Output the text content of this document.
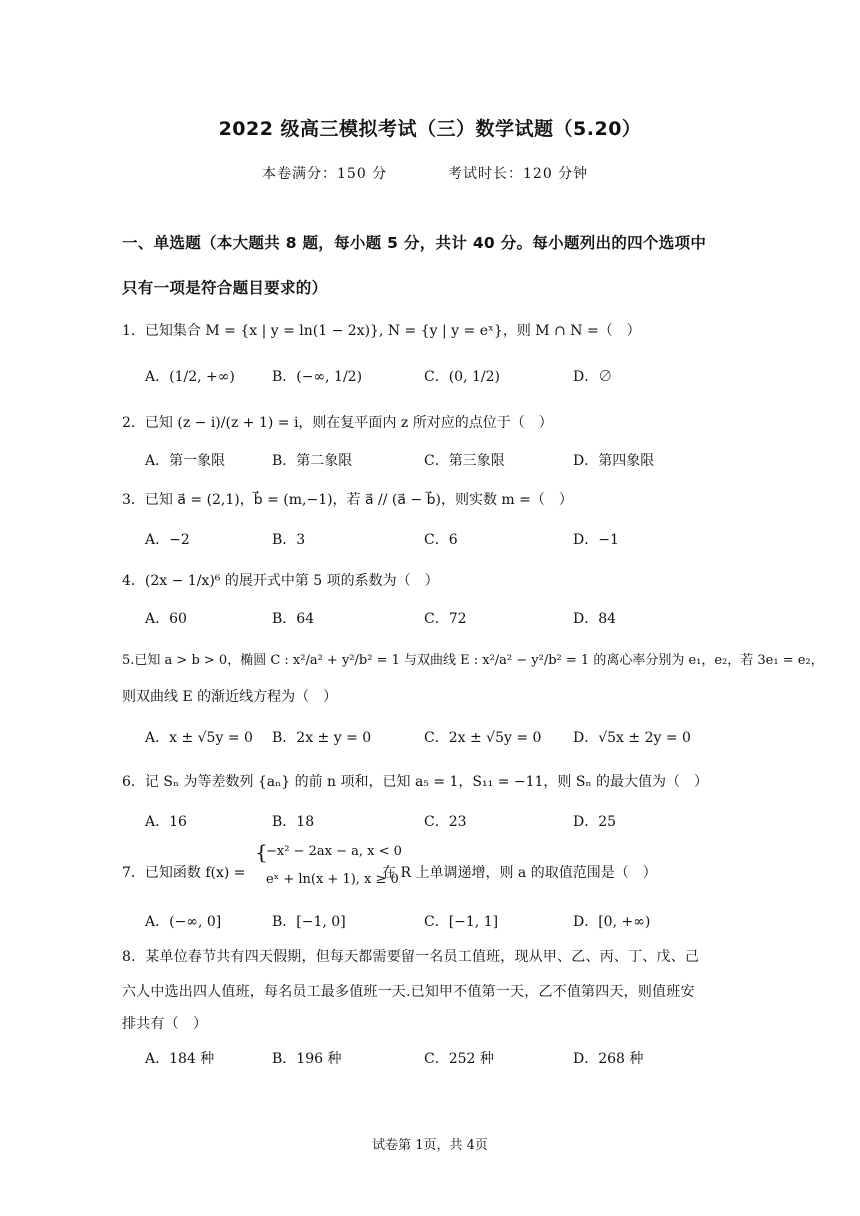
2022 级高三模拟考试（三）数学试题（5.20）
本卷满分：150 分	考试时长：120 分钟
一、单选题（本大题共 8 题，每小题 5 分，共计 40 分。每小题列出的四个选项中
只有一项是符合题目要求的）
1．已知集合 M = {x | y = ln(1 − 2x)}, N = {y | y = eˣ}，则 M ∩ N =（　）
A．(1/2, +∞)	B．(−∞, 1/2)	C．(0, 1/2)	D．∅
2．已知 (z − i)/(z + 1) = i，则在复平面内 z 所对应的点位于（　）
A．第一象限	B．第二象限	C．第三象限	D．第四象限
3．已知 a⃗ = (2,1)，b⃗ = (m,−1)，若 a⃗ // (a⃗ − b⃗)，则实数 m =（　）
A．−2	B．3	C．6	D．−1
4．(2x − 1/x)⁶ 的展开式中第 5 项的系数为（　）
A．60	B．64	C．72	D．84
5.已知 a > b > 0，椭圆 C : x²/a² + y²/b² = 1 与双曲线 E : x²/a² − y²/b² = 1 的离心率分别为 e₁，e₂，若 3e₁ = e₂，
则双曲线 E 的渐近线方程为（　）
A．x ± √5y = 0 B．2x ± y = 0	C．2x ± √5y = 0 D．√5x ± 2y = 0
6．记 Sₙ 为等差数列 {aₙ} 的前 n 项和，已知 a₅ = 1，S₁₁ = −11，则 Sₙ 的最大值为（　）
A．16	B．18	C．23	D．25
7．已知函数 f(x) =
{
−x² − 2ax − a, x < 0
eˣ + ln(x + 1), x ≥ 0
在 R 上单调递增，则 a 的取值范围是（　）
A．(−∞, 0]	B．[−1, 0]	C．[−1, 1]	D．[0, +∞)
8．某单位春节共有四天假期，但每天都需要留一名员工值班，现从甲、乙、丙、丁、戊、己
六人中选出四人值班，每名员工最多值班一天.已知甲不值第一天，乙不值第四天，则值班安
排共有（　）
A．184 种	B．196 种	C．252 种	D．268 种
试卷第 1页，共 4页
